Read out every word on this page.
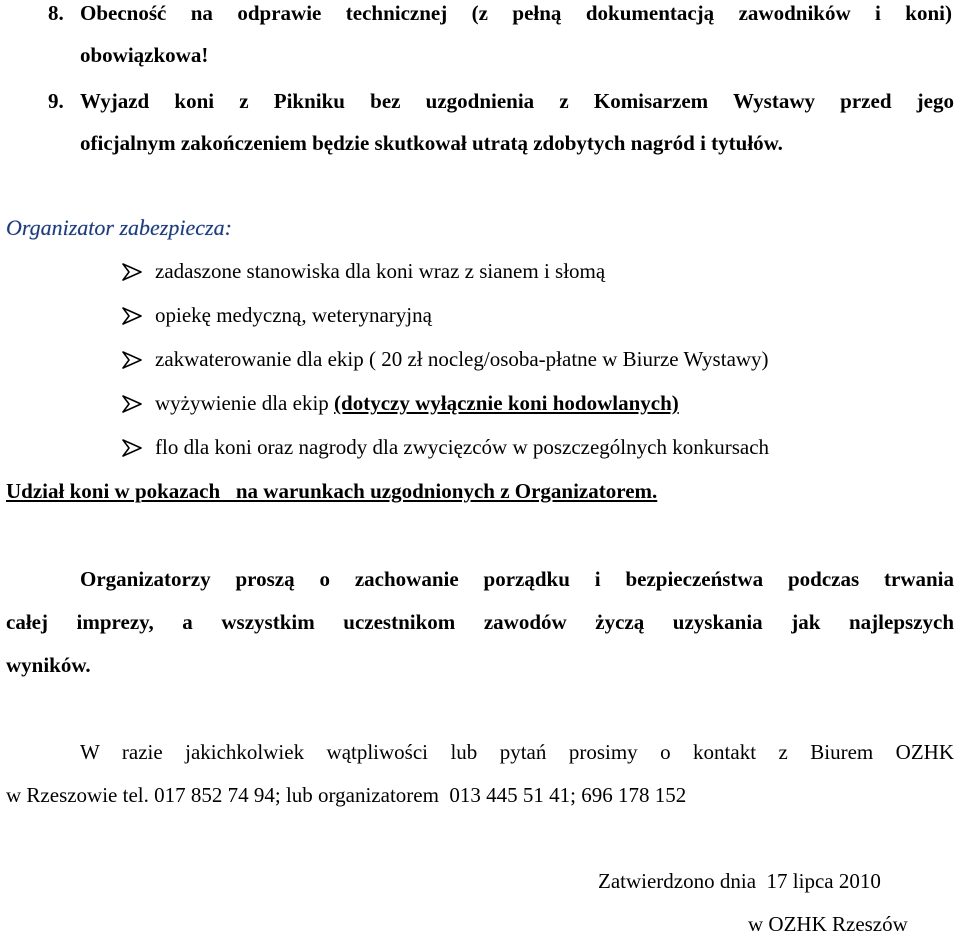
8. Obecność na odprawie technicznej (z pełną dokumentacją zawodników i koni)
obowiązkowa!
9. Wyjazd koni z Pikniku bez uzgodnienia z Komisarzem Wystawy przed jego
oficjalnym zakończeniem będzie skutkował utratą zdobytych nagród i tytułów.
Organizator zabezpiecza:
zadaszone stanowiska dla koni wraz z sianem i słomą
opiekę medyczną, weterynaryjną
zakwaterowanie dla ekip ( 20 zł nocleg/osoba-płatne w Biurze Wystawy)
wyżywienie dla ekip (dotyczy wyłącznie koni hodowlanych)
flo dla koni oraz nagrody dla zwycięzców w poszczególnych konkursach
Udział koni w pokazach   na warunkach uzgodnionych z Organizatorem.
Organizatorzy proszą o zachowanie porządku i bezpieczeństwa podczas trwania
całej imprezy, a wszystkim uczestnikom zawodów życzą uzyskania jak najlepszych
wyników.
W razie jakichkolwiek wątpliwości lub pytań prosimy o kontakt z Biurem OZHK
w Rzeszowie tel. 017 852 74 94; lub organizatorem  013 445 51 41; 696 178 152
Zatwierdzono dnia  17 lipca 2010
w OZHK Rzeszów
